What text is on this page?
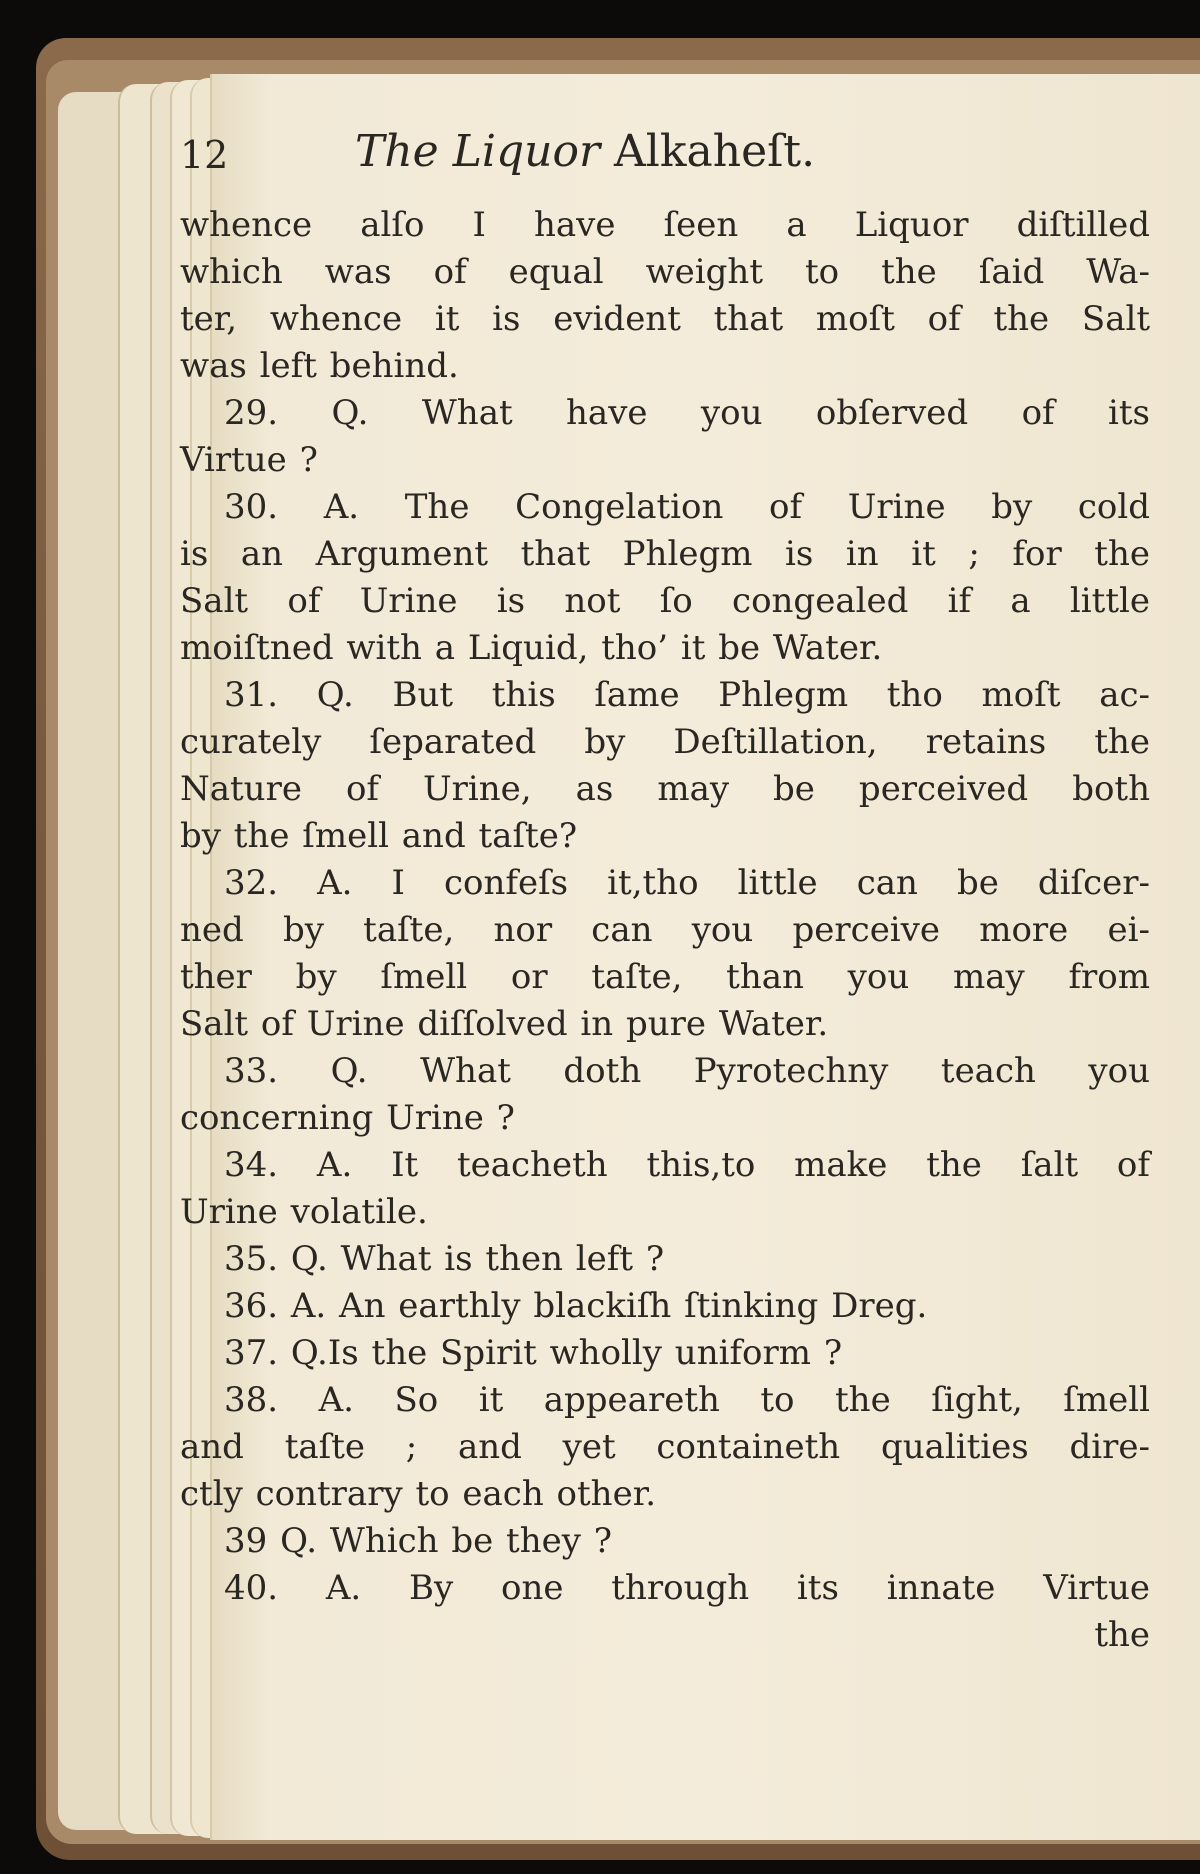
12	The Liquor Alkaheſt.
whence alſo I have ſeen a Liquor diſtilled
which was of equal weight to the ſaid Wa-
ter, whence it is evident that moſt of the Salt
was left behind.
29. Q. What have you obſerved of its
Virtue ?
30. A. The Congelation of Urine by cold
is an Argument that Phlegm is in it ; for the
Salt of Urine is not ſo congealed if a little
moiſtned with a Liquid, tho’ it be Water.
31. Q. But this ſame Phlegm tho moſt ac-
curately ſeparated by Deſtillation, retains the
Nature of Urine, as may be perceived both
by the ſmell and taſte?
32. A. I confeſs it,tho little can be diſcer-
ned by taſte, nor can you perceive more ei-
ther by ſmell or taſte, than you may from
Salt of Urine diſſolved in pure Water.
33. Q. What doth Pyrotechny teach you
concerning Urine ?
34. A. It teacheth this,to make the ſalt of
Urine volatile.
35. Q. What is then left ?
36. A. An earthly blackiſh ſtinking Dreg.
37. Q.Is the Spirit wholly uniform ?
38. A. So it appeareth to the ſight, ſmell
and taſte ; and yet containeth qualities dire-
ctly contrary to each other.
39 Q. Which be they ?
40. A. By one through its innate Virtue
the
